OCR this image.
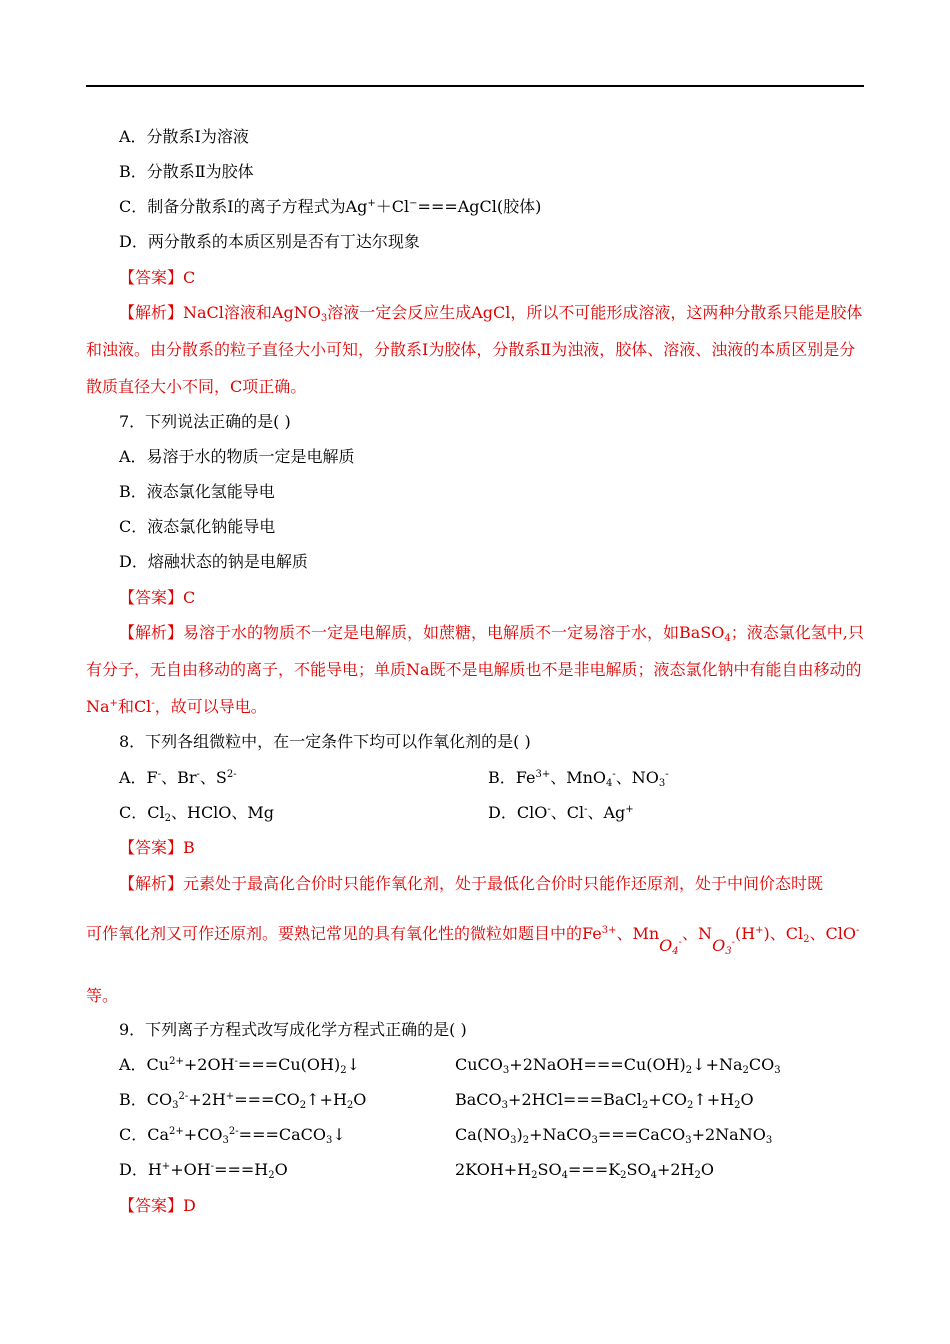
A．分散系Ⅰ为溶液
B．分散系Ⅱ为胶体
C．制备分散系Ⅰ的离子方程式为Ag+＋Cl−===AgCl(胶体)
D．两分散系的本质区别是否有丁达尔现象
【答案】C
【解析】NaCl溶液和AgNO$_3$溶液一定会反应生成AgCl，所以不可能形成溶液，这两种分散系只能是胶体和浊液。由分散系的粒子直径大小可知，分散系Ⅰ为胶体，分散系Ⅱ为浊液，胶体、溶液、浊液的本质区别是分散质直径大小不同，C项正确。
7．下列说法正确的是( )
A．易溶于水的物质一定是电解质
B．液态氯化氢能导电
C．液态氯化钠能导电
D．熔融状态的钠是电解质
【答案】C
【解析】易溶于水的物质不一定是电解质，如蔗糖，电解质不一定易溶于水，如BaSO$_4$；液态氯化氢中,只有分子，无自由移动的离子，不能导电；单质Na既不是电解质也不是非电解质；液态氯化钠中有能自由移动的Na+和Cl-，故可以导电。
8．下列各组微粒中，在一定条件下均可以作氧化剂的是( )
A．F-、Br-、$S^{2-}$	B．$Fe^{3+}$、MnO$_4$-、$NO_3^-$
C．$Cl_2$、HClO、Mg	D．ClO-、Cl-、Ag+
【答案】B
【解析】元素处于最高化合价时只能作氧化剂，处于最低化合价时只能作还原剂，处于中间价态时既
可作氧化剂又可作还原剂。要熟记常见的具有氧化性的微粒如题目中的$Fe^{3+}$、MnO$_4$-、$NO_3^-(H^+)$、$Cl_2$、ClO-
等。
9．下列离子方程式改写成化学方程式正确的是( )
A．$Cu^{2+}+2OH^-===Cu(OH)_2↓$	$CuCO_3+2NaOH===Cu(OH)_2↓+Na_2CO_3$
B．$CO_3^{2-}+2H^+===CO_2↑+H_2O$	$BaCO_3+2HCl===BaCl_2+CO_2↑+H_2O$
C．$Ca^{2+}+CO_3^{2-}===CaCO_3↓$	$Ca(NO_3)_2+NaCO_3===CaCO_3+2NaNO_3$
D．$H^++OH^-===H_2O$	$2KOH+H_2SO_4===K_2SO_4+2H_2O$
【答案】D
